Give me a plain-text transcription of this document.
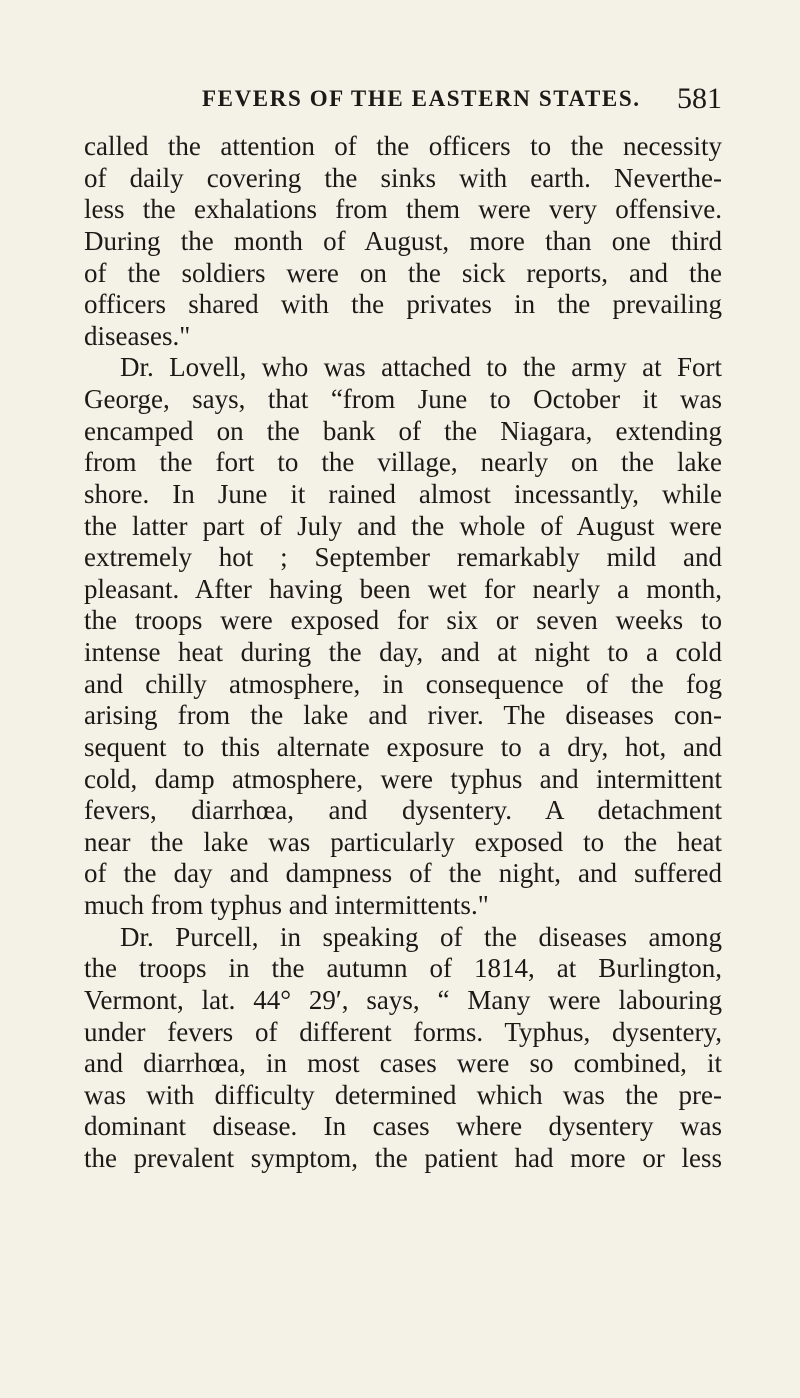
FEVERS OF THE EASTERN STATES. 581
called the attention of the officers to the necessity
of daily covering the sinks with earth. Neverthe-
less the exhalations from them were very offensive.
During the month of August, more than one third
of the soldiers were on the sick reports, and the
officers shared with the privates in the prevailing
diseases."
Dr. Lovell, who was attached to the army at Fort
George, says, that “from June to October it was
encamped on the bank of the Niagara, extending
from the fort to the village, nearly on the lake
shore. In June it rained almost incessantly, while
the latter part of July and the whole of August were
extremely hot ; September remarkably mild and
pleasant. After having been wet for nearly a month,
the troops were exposed for six or seven weeks to
intense heat during the day, and at night to a cold
and chilly atmosphere, in consequence of the fog
arising from the lake and river. The diseases con-
sequent to this alternate exposure to a dry, hot, and
cold, damp atmosphere, were typhus and intermittent
fevers, diarrhœa, and dysentery. A detachment
near the lake was particularly exposed to the heat
of the day and dampness of the night, and suffered
much from typhus and intermittents."
Dr. Purcell, in speaking of the diseases among
the troops in the autumn of 1814, at Burlington,
Vermont, lat. 44° 29′, says, “ Many were labouring
under fevers of different forms. Typhus, dysentery,
and diarrhœa, in most cases were so combined, it
was with difficulty determined which was the pre-
dominant disease. In cases where dysentery was
the prevalent symptom, the patient had more or less
